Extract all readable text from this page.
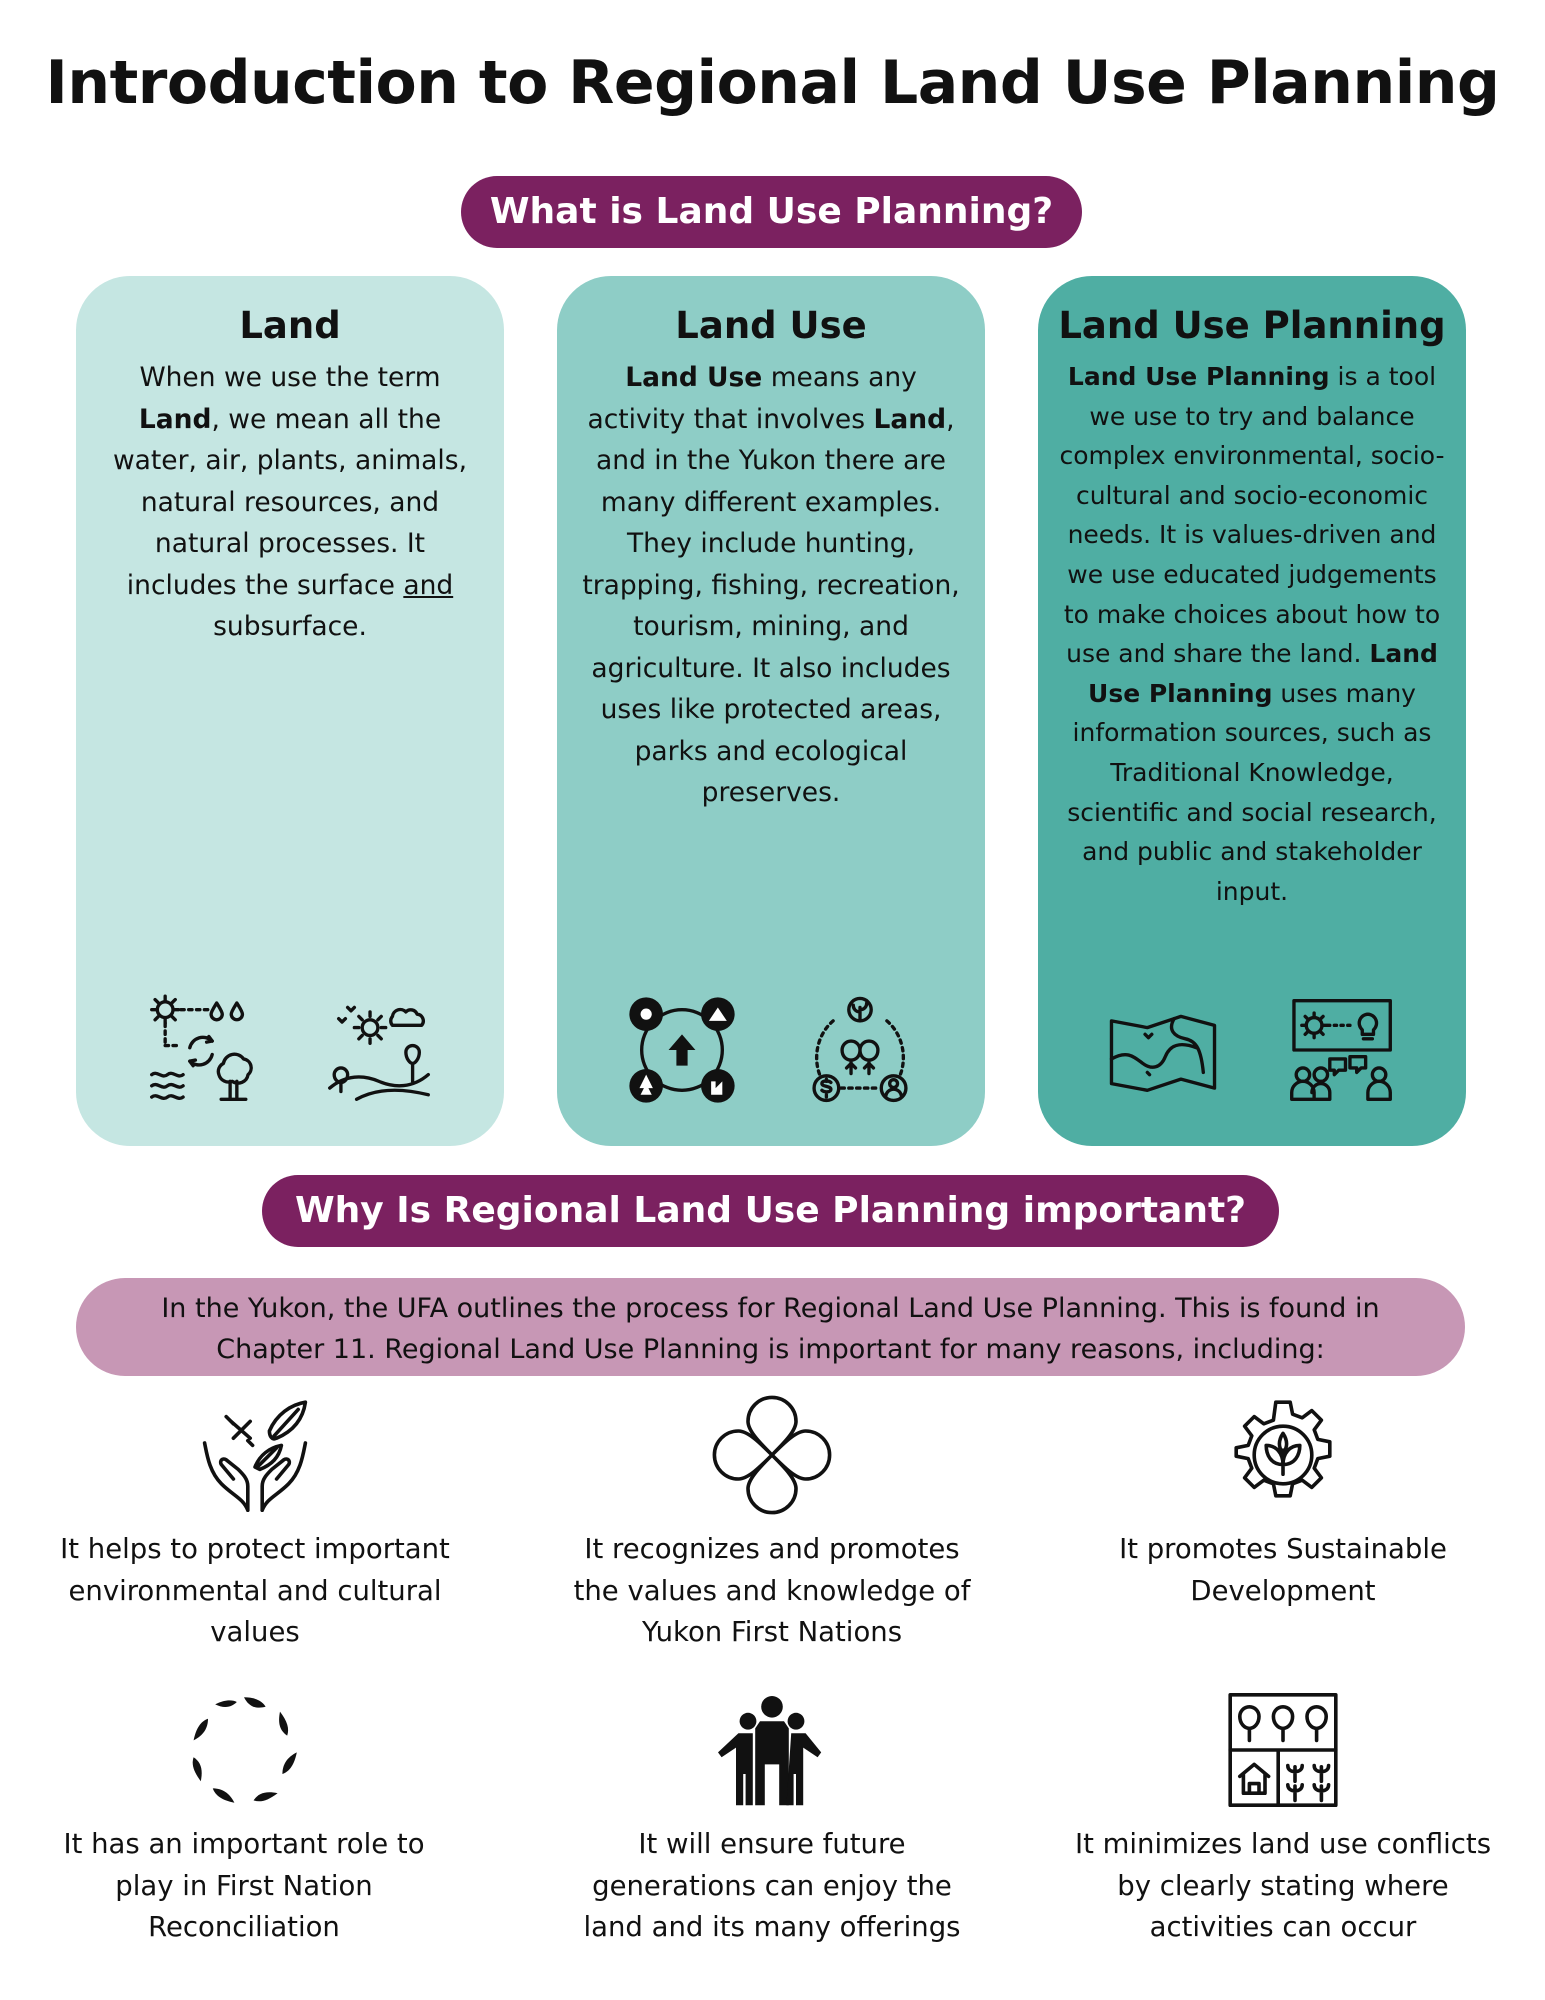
Introduction to Regional Land Use Planning
What is Land Use Planning?
Land

When we use the term Land, we mean all the water, air, plants, animals, natural resources, and natural processes. It includes the surface and subsurface.

Land Use

Land Use means any activity that involves Land, and in the Yukon there are many different examples. They include hunting, trapping, fishing, recreation, tourism, mining, and agriculture. It also includes uses like protected areas, parks and ecological preserves.

Land Use Planning

Land Use Planning is a tool we use to try and balance complex environmental, socio-cultural and socio-economic needs. It is values-driven and we use educated judgements to make choices about how to use and share the land. Land Use Planning uses many information sources, such as Traditional Knowledge, scientific and social research, and public and stakeholder input.

Why Is Regional Land Use Planning important?
In the Yukon, the UFA outlines the process for Regional Land Use Planning. This is found in Chapter 11. Regional Land Use Planning is important for many reasons, including:
It helps to protect important environmental and cultural values
It recognizes and promotes the values and knowledge of Yukon First Nations
It promotes Sustainable Development
It has an important role to play in First Nation Reconciliation
It will ensure future generations can enjoy the land and its many offerings
It minimizes land use conflicts by clearly stating where activities can occur
